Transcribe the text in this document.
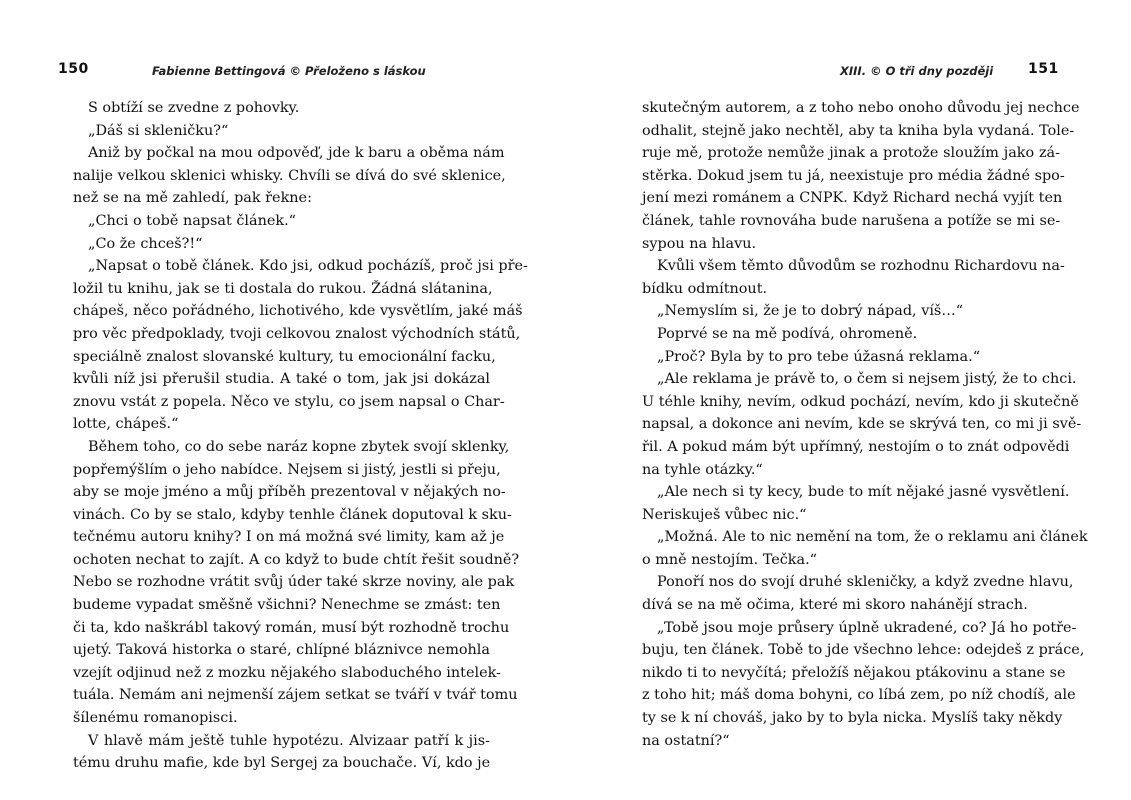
150	Fabienne Bettingová © Přeloženo s láskou
S obtíží se zvedne z pohovky.
„Dáš si skleničku?“
Aniž by počkal na mou odpověď, jde k baru a oběma nám
nalije velkou sklenici whisky. Chvíli se dívá do své sklenice,
než se na mě zahledí, pak řekne:
„Chci o tobě napsat článek.“
„Co že chceš?!“
„Napsat o tobě článek. Kdo jsi, odkud pocházíš, proč jsi pře-
ložil tu knihu, jak se ti dostala do rukou. Žádná slátanina,
chápeš, něco pořádného, lichotivého, kde vysvětlím, jaké máš
pro věc předpoklady, tvoji celkovou znalost východních států,
speciálně znalost slovanské kultury, tu emocionální facku,
kvůli níž jsi přerušil studia. A také o tom, jak jsi dokázal
znovu vstát z popela. Něco ve stylu, co jsem napsal o Char-
lotte, chápeš.“
Během toho, co do sebe naráz kopne zbytek svojí sklenky,
popřemýšlím o jeho nabídce. Nejsem si jistý, jestli si přeju,
aby se moje jméno a můj příběh prezentoval v nějakých no-
vinách. Co by se stalo, kdyby tenhle článek doputoval k sku-
tečnému autoru knihy? I on má možná své limity, kam až je
ochoten nechat to zajít. A co když to bude chtít řešit soudně?
Nebo se rozhodne vrátit svůj úder také skrze noviny, ale pak
budeme vypadat směšně všichni? Nenechme se zmást: ten
či ta, kdo naškrábl takový román, musí být rozhodně trochu
ujetý. Taková historka o staré, chlípné bláznivce nemohla
vzejít odjinud než z mozku nějakého slaboduchého intelek-
tuála. Nemám ani nejmenší zájem setkat se tváří v tvář tomu
šílenému romanopisci.
V hlavě mám ještě tuhle hypotézu. Alvizaar patří k jis-
tému druhu mafie, kde byl Sergej za bouchače. Ví, kdo je
XIII. © O tři dny později 151
skutečným autorem, a z toho nebo onoho důvodu jej nechce
odhalit, stejně jako nechtěl, aby ta kniha byla vydaná. Tole-
ruje mě, protože nemůže jinak a protože sloužím jako zá-
stěrka. Dokud jsem tu já, neexistuje pro média žádné spo-
jení mezi románem a CNPK. Když Richard nechá vyjít ten
článek, tahle rovnováha bude narušena a potíže se mi se-
sypou na hlavu.
Kvůli všem těmto důvodům se rozhodnu Richardovu na-
bídku odmítnout.
„Nemyslím si, že je to dobrý nápad, víš…“
Poprvé se na mě podívá, ohromeně.
„Proč? Byla by to pro tebe úžasná reklama.“
„Ale reklama je právě to, o čem si nejsem jistý, že to chci.
U téhle knihy, nevím, odkud pochází, nevím, kdo ji skutečně
napsal, a dokonce ani nevím, kde se skrývá ten, co mi ji svě-
řil. A pokud mám být upřímný, nestojím o to znát odpovědi
na tyhle otázky.“
„Ale nech si ty kecy, bude to mít nějaké jasné vysvětlení.
Neriskuješ vůbec nic.“
„Možná. Ale to nic nemění na tom, že o reklamu ani článek
o mně nestojím. Tečka.“
Ponoří nos do svojí druhé skleničky, a když zvedne hlavu,
dívá se na mě očima, které mi skoro nahánějí strach.
„Tobě jsou moje průsery úplně ukradené, co? Já ho potře-
buju, ten článek. Tobě to jde všechno lehce: odejdeš z práce,
nikdo ti to nevyčítá; přeložíš nějakou ptákovinu a stane se
z toho hit; máš doma bohyni, co líbá zem, po níž chodíš, ale
ty se k ní chováš, jako by to byla nicka. Myslíš taky někdy
na ostatní?“
